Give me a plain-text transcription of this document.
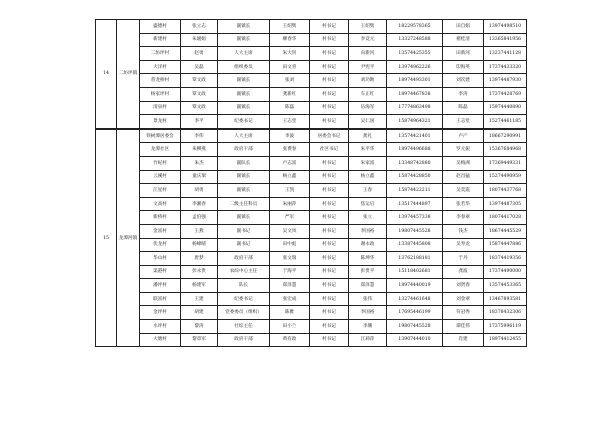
14	二坊坪镇	盛德村	张立志	副镇长	王绍隽	村书记	王绍隽	18229578365	田自娟	13974498510
		新建村	朱媛娟	副镇长	柳春华	村书记	李竞元	13327248588	褚桂清	13365841956
		二坊坪村	赵勇	人大主席	朱大钊	村书记	向新河	13574425355	田新河	13237441128
		大洋村	吴磊	组织委员	田文青	村书记	尹宪平	13974962226	印海英	17374433320
		普龙桥村	覃文政	副镇长	张刘	村书记	刘功勋	18974493301	刘次建	13974487930
		杨家坪村	覃文政	副镇长	龚新红	村书记	车正红	18974467838	李涛	17374428769
		清泉村	覃文政	副镇长	陈磊	村书记	伍海军	17774863498	陈磊	15974440890
		景龙村	李平	纪委书记	王志堂	村书记	吴仁国	15874964321	王志堂	15274461185
15	龙潭河镇	铁树潭居委会	李伟	人大主席	李波	居委会书记	龚礼	13574421401	卢产	18667290991
		龙潭社区	朱柳燕	政府干部	张费春	社区书记	朱平华	18974496688	罗元振	15367684968
		竹屺村	朱杰	副队长	卢志富	村书记	朱家富	13348742880	吴梅洲	17369449331
		云溪村	童庆瑞	副镇长	杨立鑫	村书记	杨立鑫	15874428850	赵昌猛	15274490959
		江星村	胡勇	副镇长	王凯	村书记	王春	15874422211	吴奕霞	18074437768
		文高村	李湘春	二级主任科员	朱丽萍	村书记	焦运启	13517444897	张若华	13974487305
		新桥村	孟伯强	副镇长	严军	村书记	张立	13974457338	李春翠	18074417028
		金富村	王燕	副书记	吴文凤	村书记	李国裕	19807445528	钱杰	18674445529
		伏龙村	杨峰晴	副书记	田中彪	村书记	谢永政	13387445808	吴寿龙	15874447886
		华山村	唐梦	政府干部	张文瑞	村书记	陈坤华	13762188181	于丹	18374419356
		渠港村	彭永贵	农综中心主任	于海平	村书记	彭贵平	15118402681	龚波	17374490000
		潘坪村	杨建军	队长	郑泽慧	村书记	郑泽慧	18974440019	刘贤春	13574453365
		联富村	王建	纪委书记	张宏成	村书记	张伟	13274461648	刘金翠	13467893581
		金坪村	胡建	党委委员（组织）	陈雅	村书记	李国裕	17695446199	符冠秀	18378432306
		水坪村	黎涛	社综主任	田小兰	村书记	李珊	19807445528	谭佳伟	17375996119
		大塘村	黎章军	政府干部	黄有政	村书记	江莉萍	13907444010	肖建	18974412455
